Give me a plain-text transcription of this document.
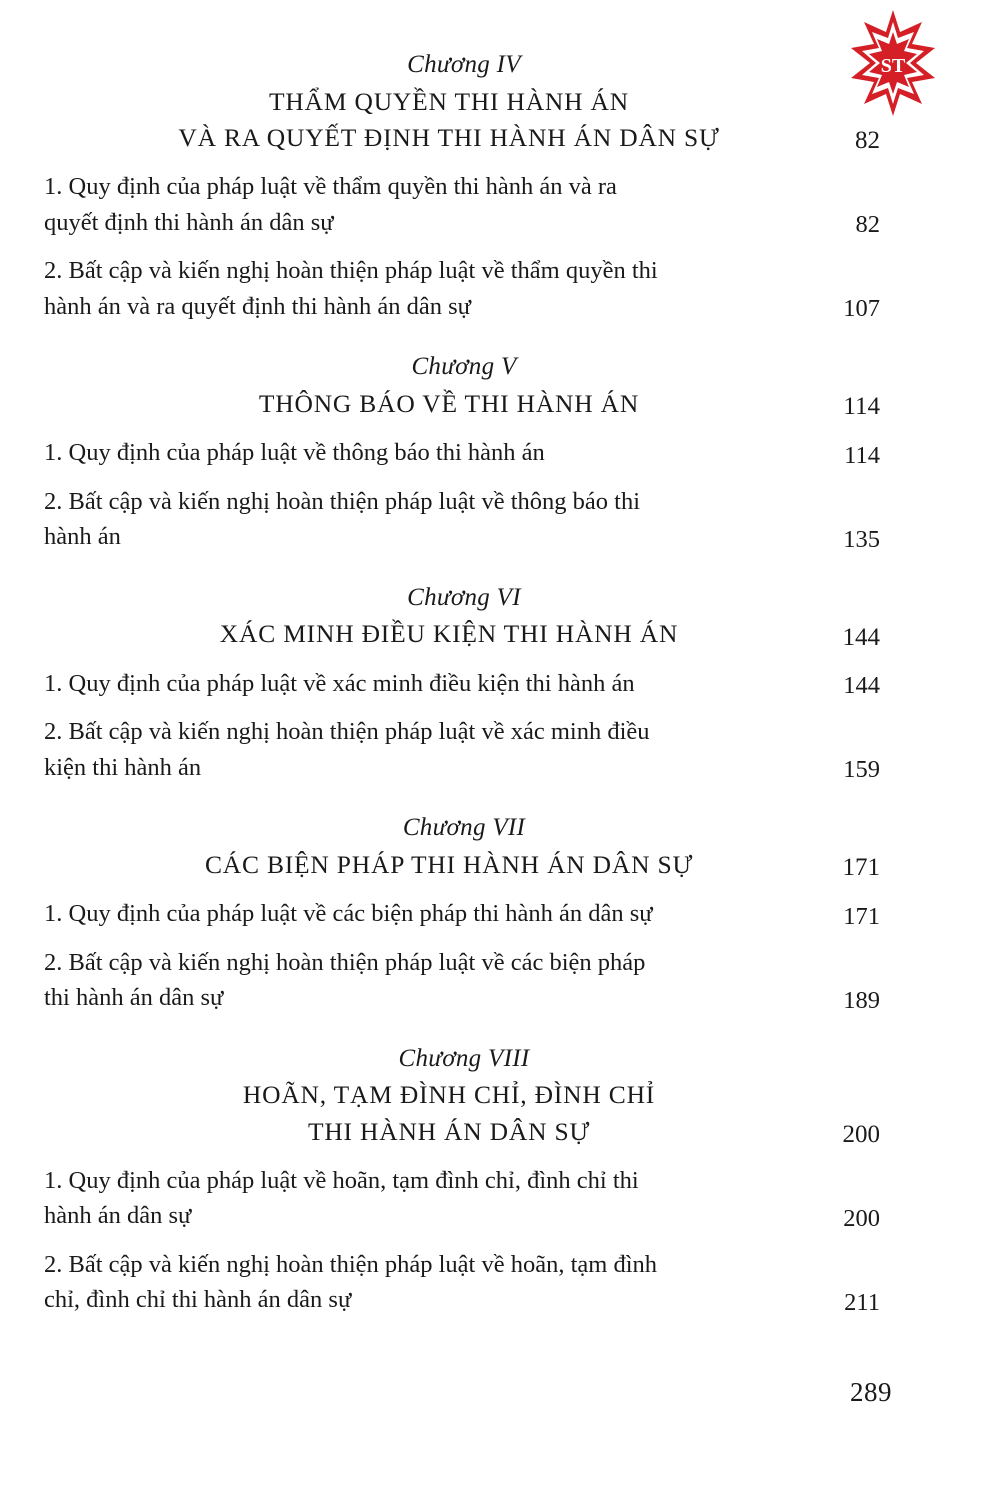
ST
Chương IV
THẨM QUYỀN THI HÀNH ÁN
VÀ RA QUYẾT ĐỊNH THI HÀNH ÁN DÂN SỰ	82
1. Quy định của pháp luật về thẩm quyền thi hành án và ra
quyết định thi hành án dân sự	82
2. Bất cập và kiến nghị hoàn thiện pháp luật về thẩm quyền thi
hành án và ra quyết định thi hành án dân sự	107
Chương V
THÔNG BÁO VỀ THI HÀNH ÁN	114
1. Quy định của pháp luật về thông báo thi hành án	114
2. Bất cập và kiến nghị hoàn thiện pháp luật về thông báo thi
hành án	135
Chương VI
XÁC MINH ĐIỀU KIỆN THI HÀNH ÁN	144
1. Quy định của pháp luật về xác minh điều kiện thi hành án	144
2. Bất cập và kiến nghị hoàn thiện pháp luật về xác minh điều
kiện thi hành án	159
Chương VII
CÁC BIỆN PHÁP THI HÀNH ÁN DÂN SỰ	171
1. Quy định của pháp luật về các biện pháp thi hành án dân sự	171
2. Bất cập và kiến nghị hoàn thiện pháp luật về các biện pháp
thi hành án dân sự	189
Chương VIII
HOÃN, TẠM ĐÌNH CHỈ, ĐÌNH CHỈ
THI HÀNH ÁN DÂN SỰ	200
1. Quy định của pháp luật về hoãn, tạm đình chỉ, đình chỉ thi
hành án dân sự	200
2. Bất cập và kiến nghị hoàn thiện pháp luật về hoãn, tạm đình
chỉ, đình chỉ thi hành án dân sự	211
289
